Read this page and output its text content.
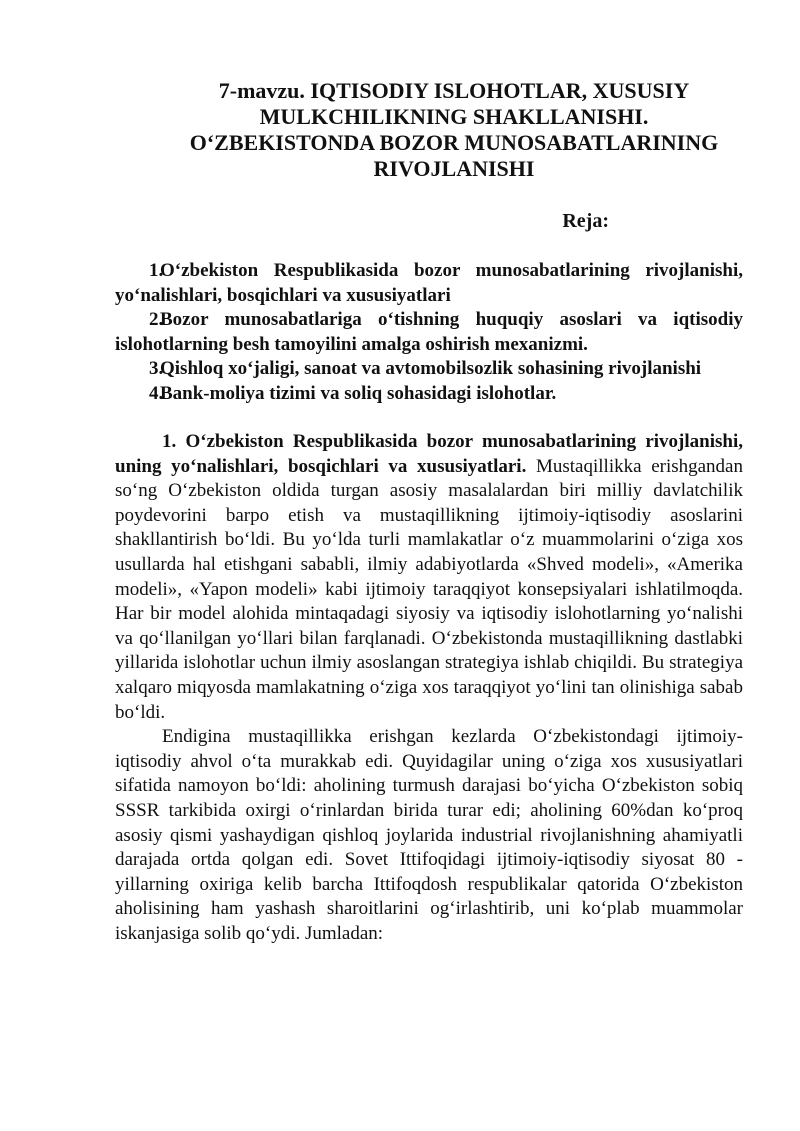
7-mavzu. IQTISODIY ISLOHOTLAR, XUSUSIY MULKCHILIKNING SHAKLLANISHI. O‘ZBEKISTONDA BOZOR MUNOSABATLARINING RIVOJLANISHI
Reja:
1.O‘zbekiston Respublikasida bozor munosabatlarining rivojlanishi, yo‘nalishlari, bosqichlari va xususiyatlari
2.Bozor munosabatlariga o‘tishning huquqiy asoslari va iqtisodiy islohotlarning besh tamoyilini amalga oshirish mexanizmi.
3.Qishloq xo‘jaligi, sanoat va avtomobilsozlik sohasining rivojlanishi
4.Bank-moliya tizimi va soliq sohasidagi islohotlar.

1. O‘zbekiston Respublikasida bozor munosabatlarining rivojlanishi, uning yo‘nalishlari, bosqichlari va xususiyatlari. Mustaqillikka erishgandan so‘ng O‘zbekiston oldida turgan asosiy masalalardan biri milliy davlatchilik poydevorini barpo etish va mustaqillikning ijtimoiy-iqtisodiy asoslarini shakllantirish bo‘ldi. Bu yo‘lda turli mamlakatlar o‘z muammolarini o‘ziga xos usullarda hal etishgani sababli, ilmiy adabiyotlarda «Shved modeli», «Amerika modeli», «Yapon modeli» kabi ijtimoiy taraqqiyot konsepsiyalari ishlatilmoqda. Har bir model alohida mintaqadagi siyosiy va iqtisodiy islohotlarning yo‘nalishi va qo‘llanilgan yo‘llari bilan farqlanadi. O‘zbekistonda mustaqillikning dastlabki yillarida islohotlar uchun ilmiy asoslangan strategiya ishlab chiqildi. Bu strategiya xalqaro miqyosda mamlakatning o‘ziga xos taraqqiyot yo‘lini tan olinishiga sabab bo‘ldi.

Endigina mustaqillikka erishgan kezlarda O‘zbekistondagi ijtimoiy-iqtisodiy ahvol o‘ta murakkab edi. Quyidagilar uning o‘ziga xos xususiyatlari sifatida namoyon bo‘ldi: aholining turmush darajasi bo‘yicha O‘zbekiston sobiq SSSR tarkibida oxirgi o‘rinlardan birida turar edi; aholining 60%dan ko‘proq asosiy qismi yashaydigan qishloq joylarida industrial rivojlanishning ahamiyatli darajada ortda qolgan edi. Sovet Ittifoqidagi ijtimoiy-iqtisodiy siyosat 80 - yillarning oxiriga kelib barcha Ittifoqdosh respublikalar qatorida O‘zbekiston aholisining ham yashash sharoitlarini og‘irlashtirib, uni ko‘plab muammolar iskanjasiga solib qo‘ydi. Jumladan:
